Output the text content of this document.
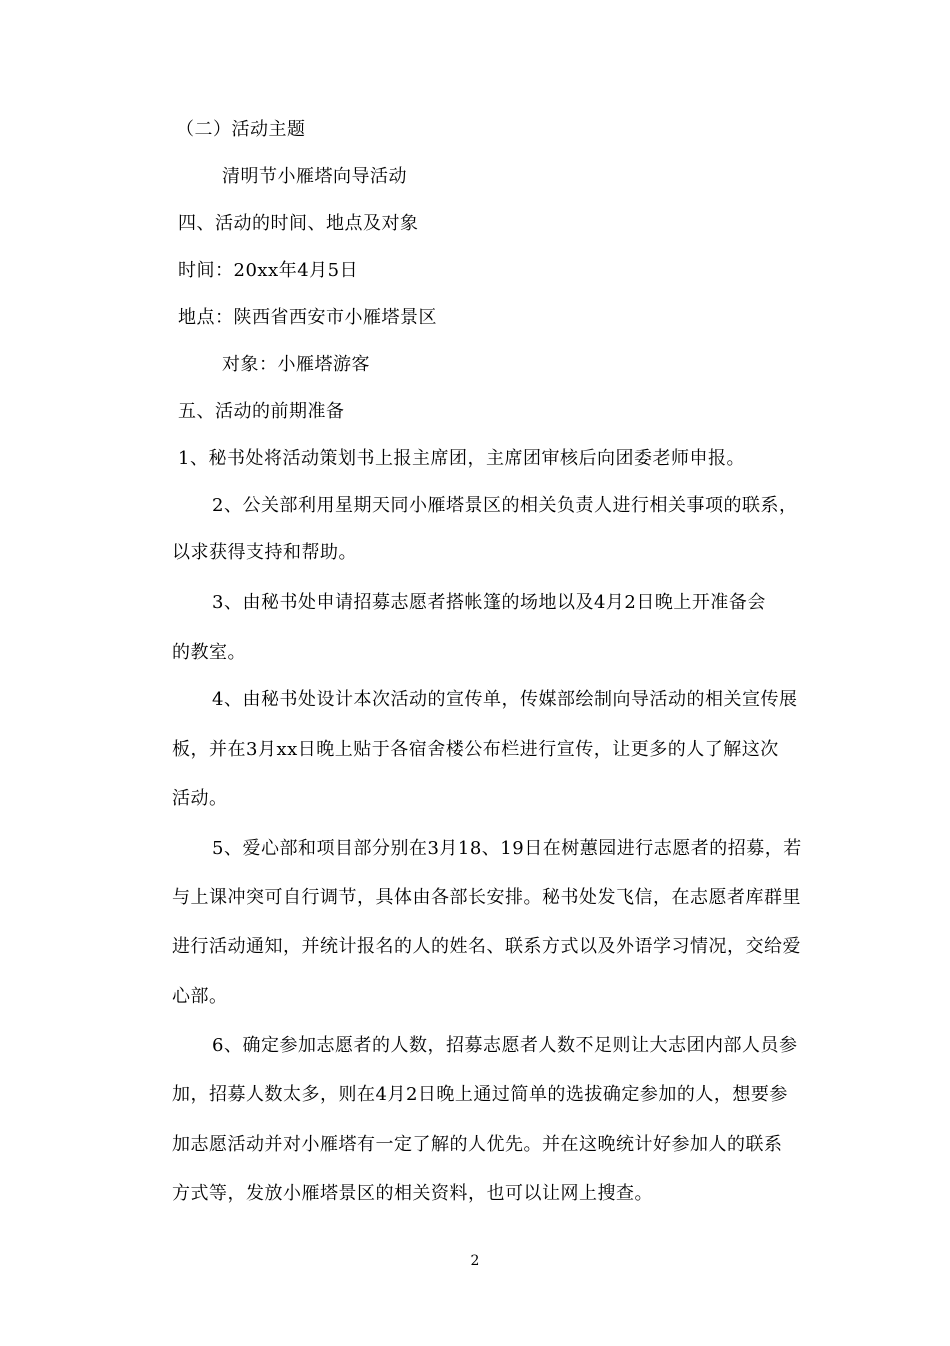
（二）活动主题
清明节小雁塔向导活动
四、活动的时间、地点及对象
时间：20xx年4月5日
地点：陕西省西安市小雁塔景区
对象：小雁塔游客
五、活动的前期准备
1、秘书处将活动策划书上报主席团，主席团审核后向团委老师申报。
2、公关部利用星期天同小雁塔景区的相关负责人进行相关事项的联系，
以求获得支持和帮助。
3、由秘书处申请招募志愿者搭帐篷的场地以及4月2日晚上开准备会
的教室。
4、由秘书处设计本次活动的宣传单，传媒部绘制向导活动的相关宣传展
板，并在3月xx日晚上贴于各宿舍楼公布栏进行宣传，让更多的人了解这次
活动。
5、爱心部和项目部分别在3月18、19日在树蕙园进行志愿者的招募，若
与上课冲突可自行调节，具体由各部长安排。秘书处发飞信，在志愿者库群里
进行活动通知，并统计报名的人的姓名、联系方式以及外语学习情况，交给爱
心部。
6、确定参加志愿者的人数，招募志愿者人数不足则让大志团内部人员参
加，招募人数太多，则在4月2日晚上通过简单的选拔确定参加的人，想要参
加志愿活动并对小雁塔有一定了解的人优先。并在这晚统计好参加人的联系
方式等，发放小雁塔景区的相关资料，也可以让网上搜查。
2
